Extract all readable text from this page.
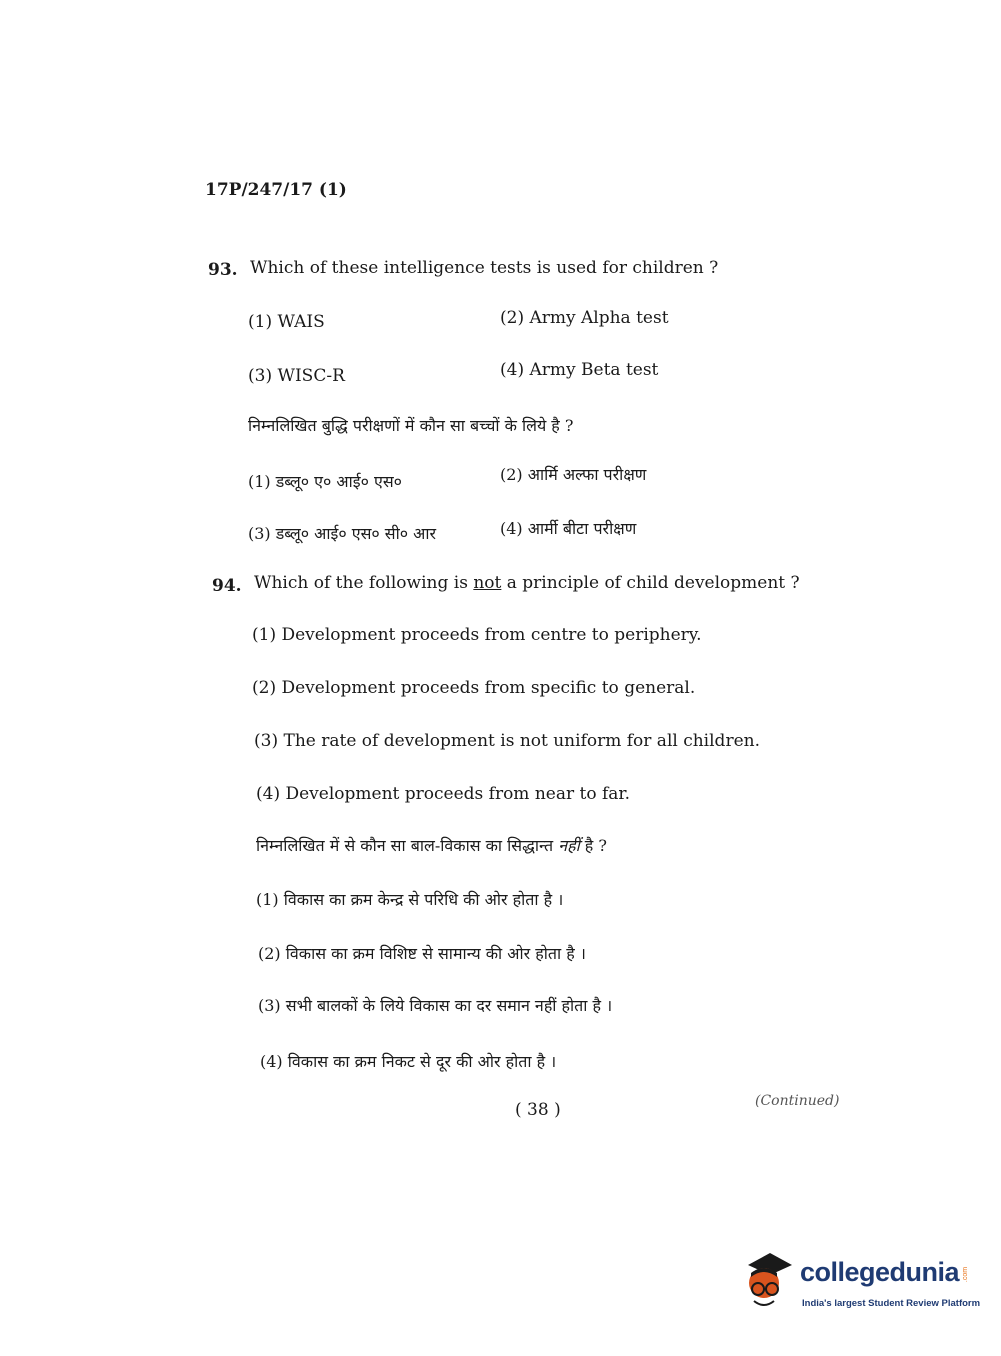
17P/247/17 (1)
93. Which of these intelligence tests is used for children ?
(1) WAIS	(2) Army Alpha test
(3) WISC-R	(4) Army Beta test
निम्नलिखित बुद्धि परीक्षणों में कौन सा बच्चों के लिये है ?
(1) डब्लू० ए० आई० एस०	(2) आर्मि अल्फा परीक्षण
(3) डब्लू० आई० एस० सी० आर	(4) आर्मी बीटा परीक्षण
94. Which of the following is not a principle of child development ?
(1) Development proceeds from centre to periphery.
(2) Development proceeds from specific to general.
(3) The rate of development is not uniform for all children.
(4) Development proceeds from near to far.
निम्नलिखित में से कौन सा बाल-विकास का सिद्धान्त नहीं है ?
(1) विकास का क्रम केन्द्र से परिधि की ओर होता है ।
(2) विकास का क्रम विशिष्ट से सामान्य की ओर होता है ।
(3) सभी बालकों के लिये विकास का दर समान नहीं होता है ।
(4) विकास का क्रम निकट से दूर की ओर होता है ।
( 38 )	(Continued)
collegedunia .com
India's largest Student Review Platform
